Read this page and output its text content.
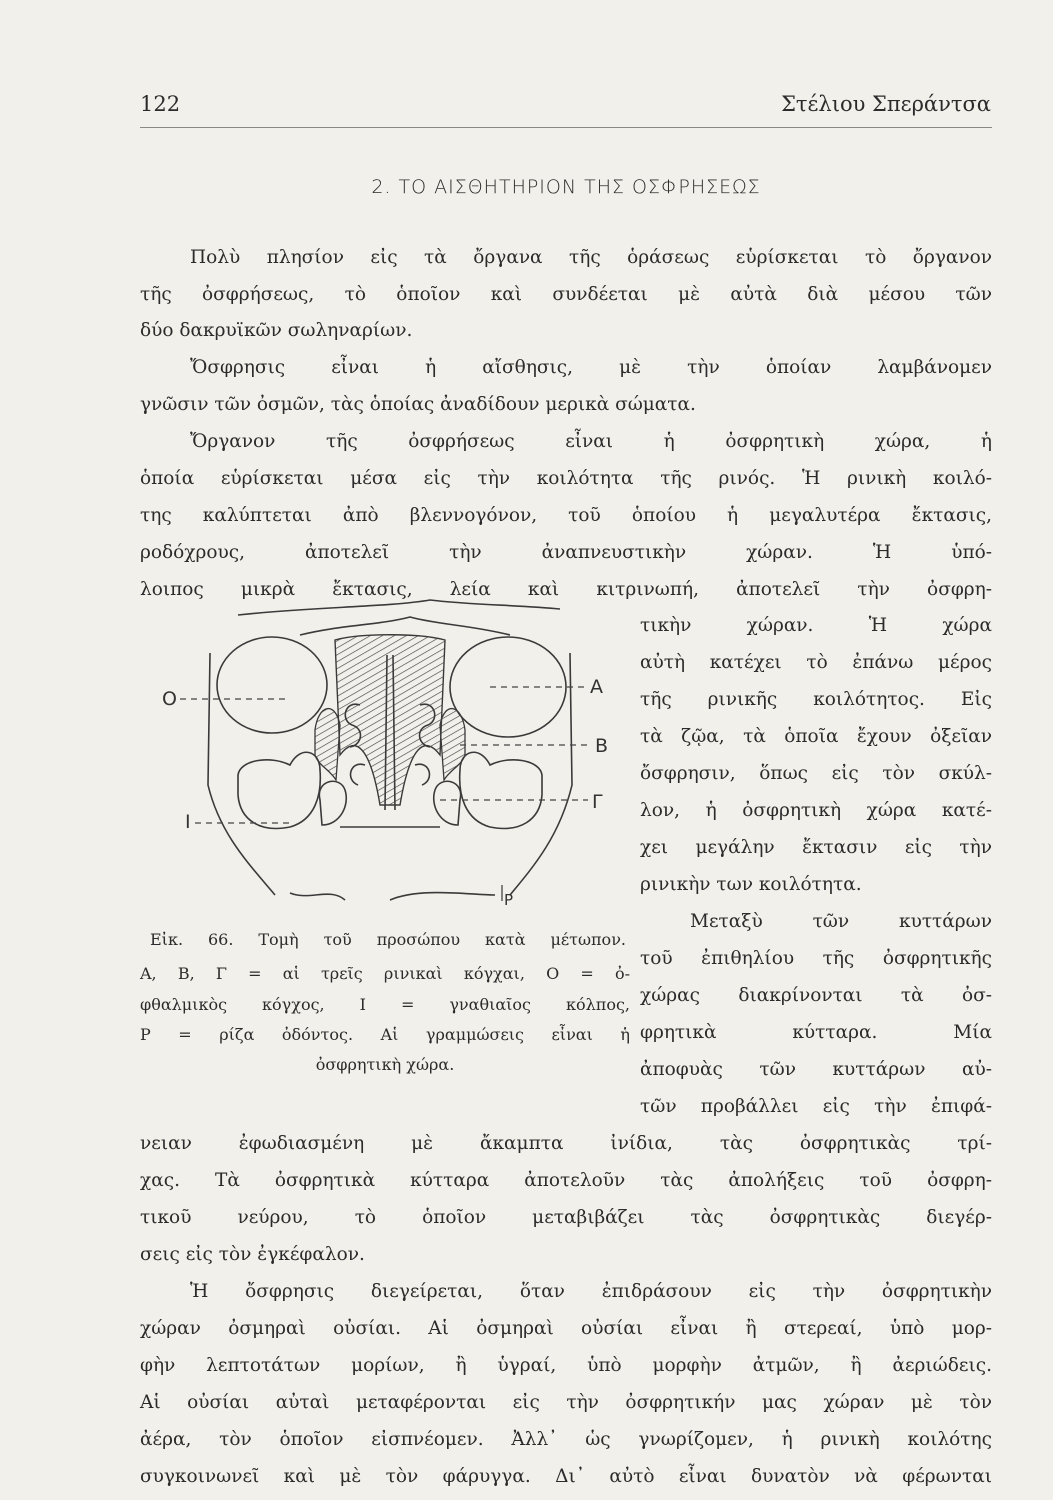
122	Στέλιου Σπεράντσα
2. ΤΟ ΑΙΣΘΗΤΗΡΙΟΝ ΤΗΣ ΟΣΦΡΗΣΕΩΣ
Πολὺ πλησίον εἰς τὰ ὄργανα τῆς ὁράσεως εὑρίσκεται τὸ ὄργανον
τῆς ὀσφρήσεως, τὸ ὁποῖον καὶ συνδέεται μὲ αὐτὰ διὰ μέσου τῶν
δύο δακρυϊκῶν σωληναρίων.
Ὄσφρησις εἶναι ἡ αἴσθησις, μὲ τὴν ὁποίαν λαμβάνομεν
γνῶσιν τῶν ὀσμῶν, τὰς ὁποίας ἀναδίδουν μερικὰ σώματα.
Ὄργανον τῆς ὀσφρήσεως εἶναι ἡ ὀσφρητικὴ χώρα, ἡ
ὁποία εὑρίσκεται μέσα εἰς τὴν κοιλότητα τῆς ρινός. Ἡ ρινικὴ κοιλό-
της καλύπτεται ἀπὸ βλεννογόνον, τοῦ ὁποίου ἡ μεγαλυτέρα ἔκτασις,
ροδόχρους, ἀποτελεῖ τὴν ἀναπνευστικὴν χώραν. Ἡ ὑπό-
λοιπος μικρὰ ἔκτασις, λεία καὶ κιτρινωπή, ἀποτελεῖ τὴν ὀσφρη-
τικὴν χώραν. Ἡ χώρα
αὐτὴ κατέχει τὸ ἐπάνω μέρος
τῆς ρινικῆς κοιλότητος. Εἰς
τὰ ζῷα, τὰ ὁποῖα ἔχουν ὀξεῖαν
ὄσφρησιν, ὅπως εἰς τὸν σκύλ-
λον, ἡ ὀσφρητικὴ χώρα κατέ-
χει μεγάλην ἔκτασιν εἰς τὴν
ρινικὴν των κοιλότητα.
Μεταξὺ τῶν κυττάρων
τοῦ ἐπιθηλίου τῆς ὀσφρητικῆς
χώρας διακρίνονται τὰ ὀσ-
φρητικὰ κύτταρα. Μία
ἀποφυὰς τῶν κυττάρων αὐ-
τῶν προβάλλει εἰς τὴν ἐπιφά-
A
B
Γ
O
I
P
Εἰκ. 66. Τομὴ τοῦ προσώπου κατὰ μέτωπον.
Α, Β, Γ = αἱ τρεῖς ρινικαὶ κόγχαι, Ο = ὀ-
φθαλμικὸς κόγχος, Ι = γναθιαῖος κόλπος,
Ρ = ρίζα ὀδόντος. Αἱ γραμμώσεις εἶναι ἡ
ὀσφρητικὴ χώρα.
νειαν ἐφωδιασμένη μὲ ἄκαμπτα ἰνίδια, τὰς ὀσφρητικὰς τρί-
χας. Τὰ ὀσφρητικὰ κύτταρα ἀποτελοῦν τὰς ἀπολήξεις τοῦ ὀσφρη-
τικοῦ νεύρου, τὸ ὁποῖον μεταβιβάζει τὰς ὀσφρητικὰς διεγέρ-
σεις εἰς τὸν ἐγκέφαλον.
Ἡ ὄσφρησις διεγείρεται, ὅταν ἐπιδράσουν εἰς τὴν ὀσφρητικὴν
χώραν ὀσμηραὶ οὐσίαι. Αἱ ὀσμηραὶ οὐσίαι εἶναι ἢ στερεαί, ὑπὸ μορ-
φὴν λεπτοτάτων μορίων, ἢ ὑγραί, ὑπὸ μορφὴν ἀτμῶν, ἢ ἀεριώδεις.
Αἱ οὐσίαι αὐταὶ μεταφέρονται εἰς τὴν ὀσφρητικήν μας χώραν μὲ τὸν
ἀέρα, τὸν ὁποῖον εἰσπνέομεν. Ἀλλ᾽ ὡς γνωρίζομεν, ἡ ρινικὴ κοιλότης
συγκοινωνεῖ καὶ μὲ τὸν φάρυγγα. Δι᾽ αὐτὸ εἶναι δυνατὸν νὰ φέρωνται
